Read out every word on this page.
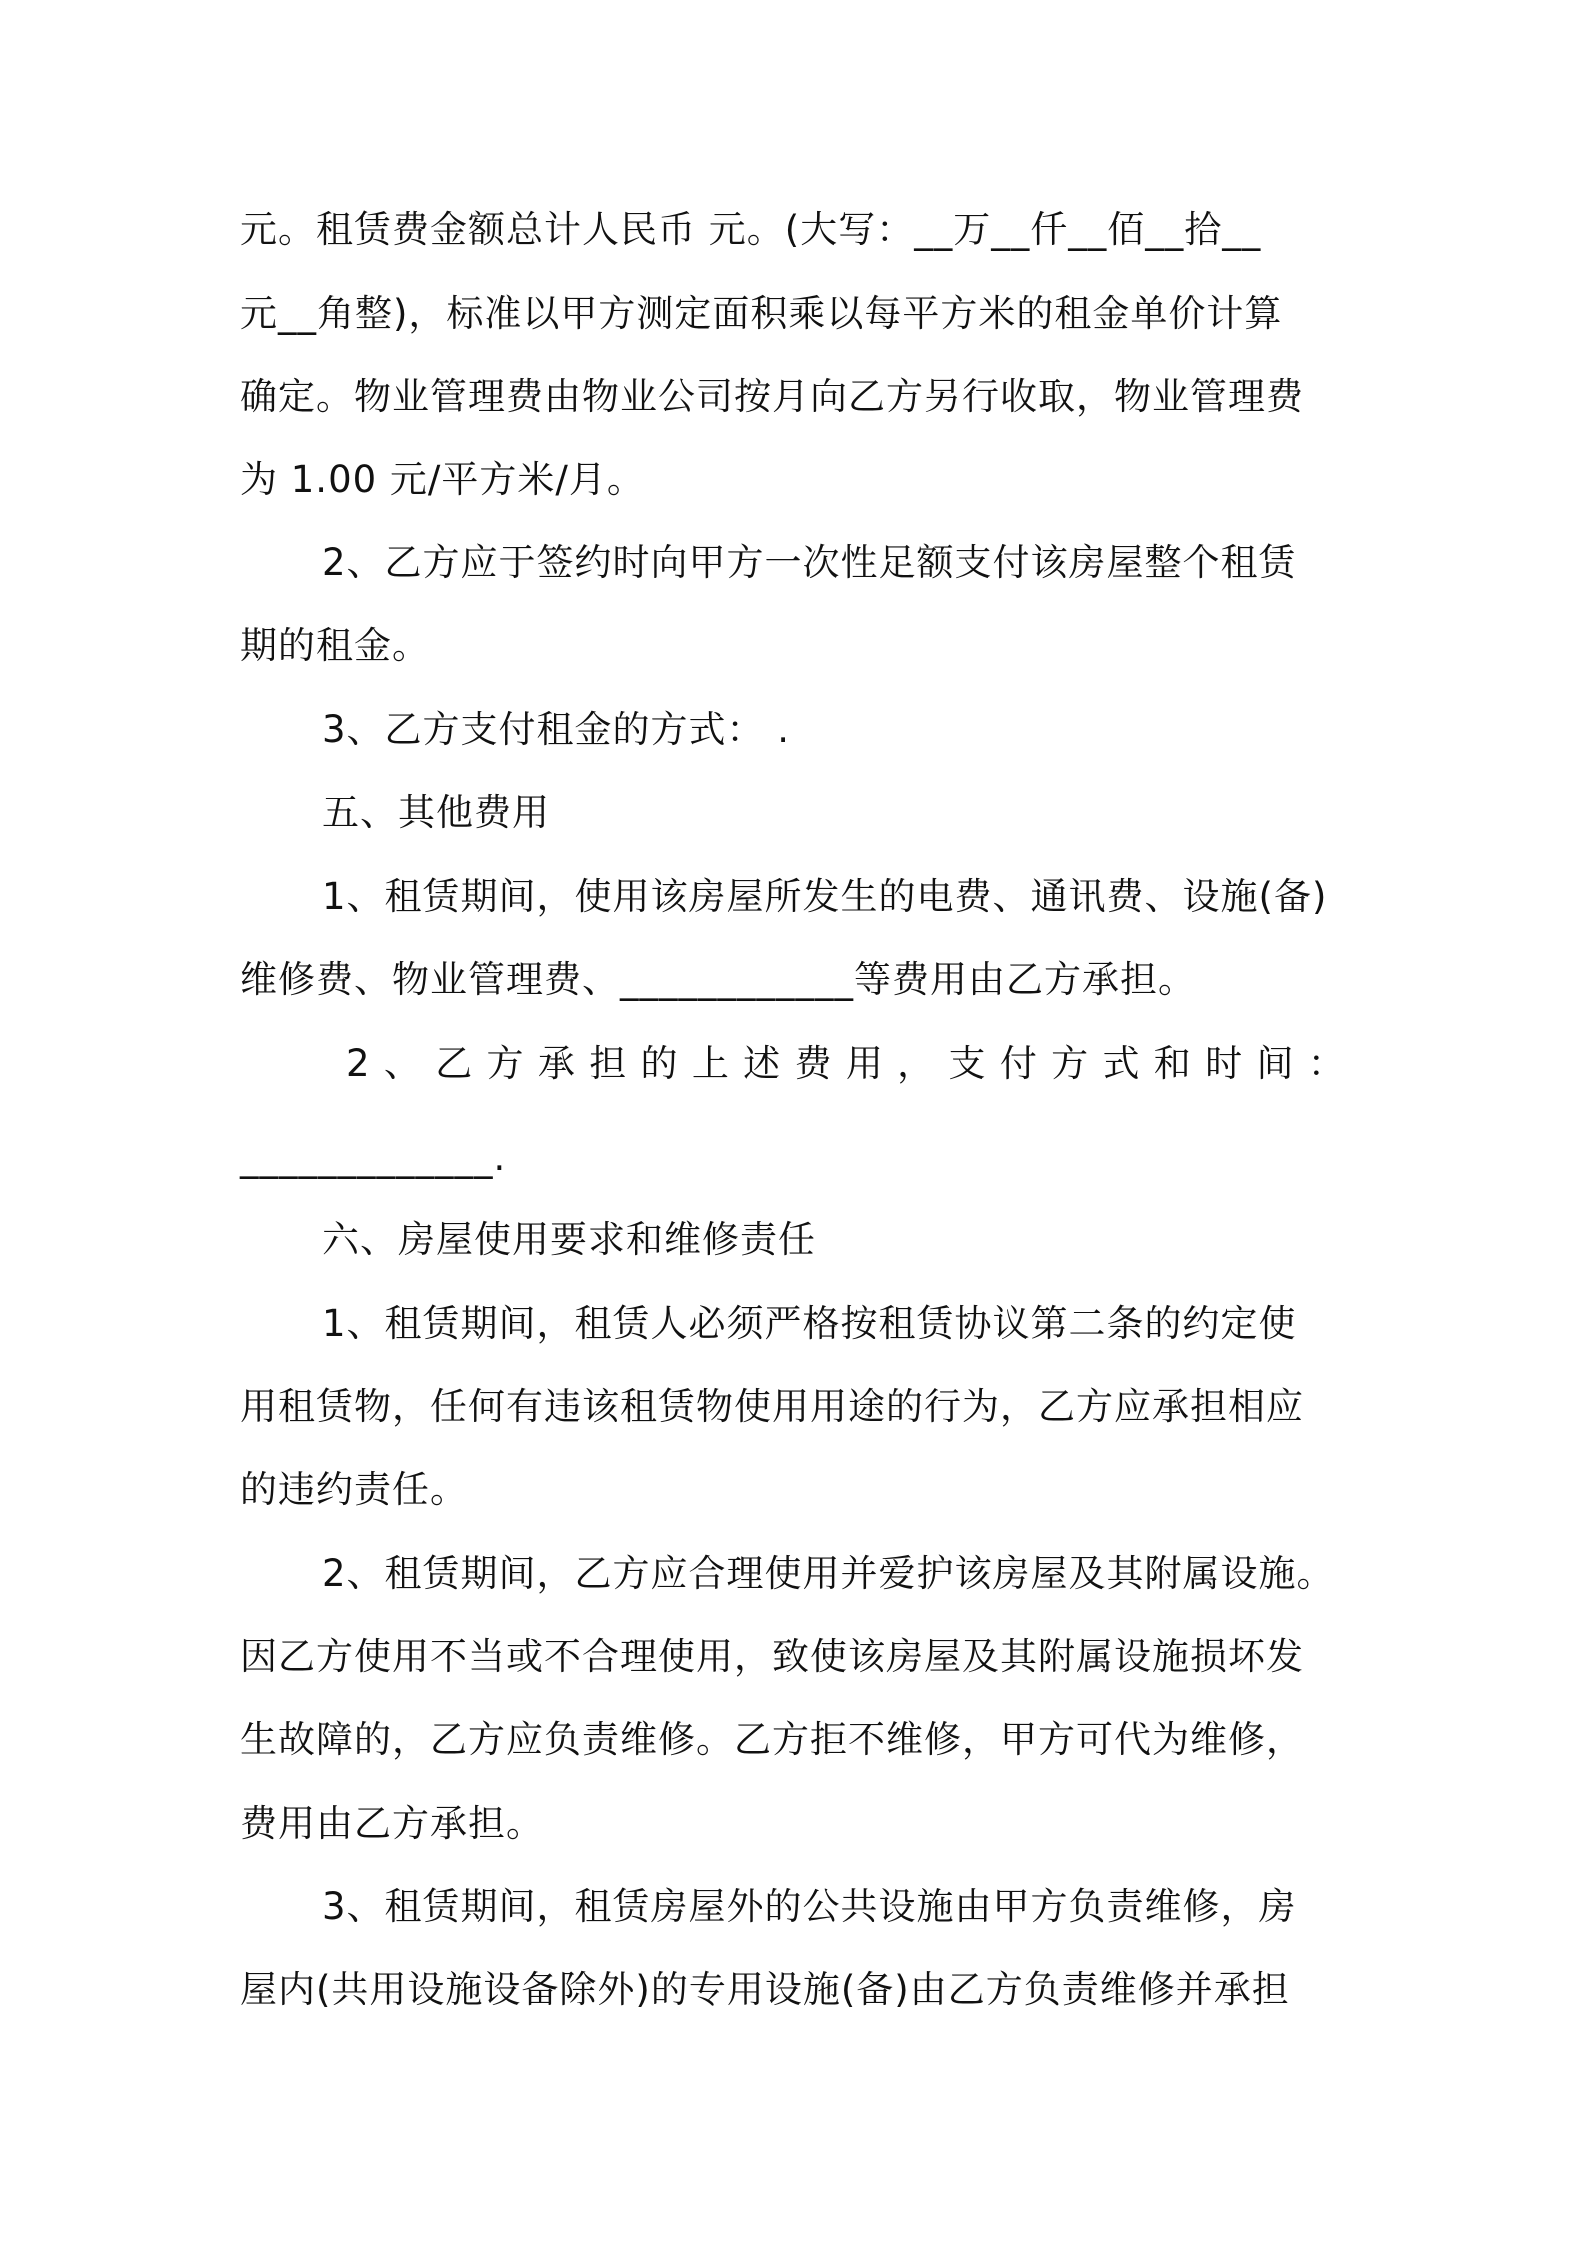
元。租赁费金额总计人民币 元。(大写：__万__仟__佰__拾__
元__角整)，标准以甲方测定面积乘以每平方米的租金单价计算
确定。物业管理费由物业公司按月向乙方另行收取，物业管理费
为 1.00 元/平方米/月。
2、乙方应于签约时向甲方一次性足额支付该房屋整个租赁
期的租金。
3、乙方支付租金的方式： .
五、其他费用
1、租赁期间，使用该房屋所发生的电费、通讯费、设施(备)
维修费、物业管理费、____________等费用由乙方承担。
2 、 乙 方 承 担 的 上 述 费 用 ， 支 付 方 式 和 时 间 ：
_____________.
六、房屋使用要求和维修责任
1、租赁期间，租赁人必须严格按租赁协议第二条的约定使
用租赁物，任何有违该租赁物使用用途的行为，乙方应承担相应
的违约责任。
2、租赁期间，乙方应合理使用并爱护该房屋及其附属设施。
因乙方使用不当或不合理使用，致使该房屋及其附属设施损坏发
生故障的，乙方应负责维修。乙方拒不维修，甲方可代为维修，
费用由乙方承担。
3、租赁期间，租赁房屋外的公共设施由甲方负责维修，房
屋内(共用设施设备除外)的专用设施(备)由乙方负责维修并承担
